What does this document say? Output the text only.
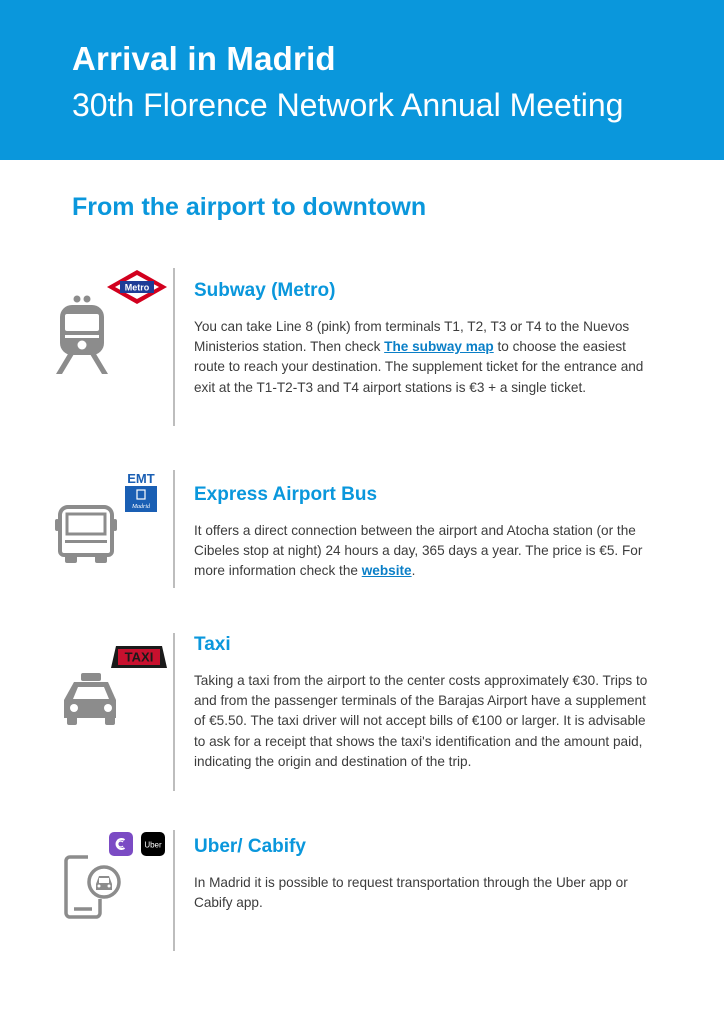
Arrival in Madrid
30th Florence Network Annual Meeting
From the airport to downtown
Metro Subway (Metro)
You can take Line 8 (pink) from terminals T1, T2, T3 or T4 to the Nuevos Ministerios station. Then check The subway map to choose the easiest route to reach your destination. The supplement ticket for the entrance and exit at the T1-T2-T3 and T4 airport stations is €3 + a single ticket.
EMT
Madrid
Express Airport Bus
It offers a direct connection between the airport and Atocha station (or the Cibeles stop at night) 24 hours a day, 365 days a year. The price is €5. For more information check the website.
TAXI
Taxi
Taking a taxi from the airport to the center costs approximately €30. Trips to and from the passenger terminals of the Barajas Airport have a supplement of €5.50. The taxi driver will not accept bills of €100 or larger. It is advisable to ask for a receipt that shows the taxi's identification and the amount paid, indicating the origin and destination of the trip.
Uber Uber/ Cabify
In Madrid it is possible to request transportation through the Uber app or Cabify app.
